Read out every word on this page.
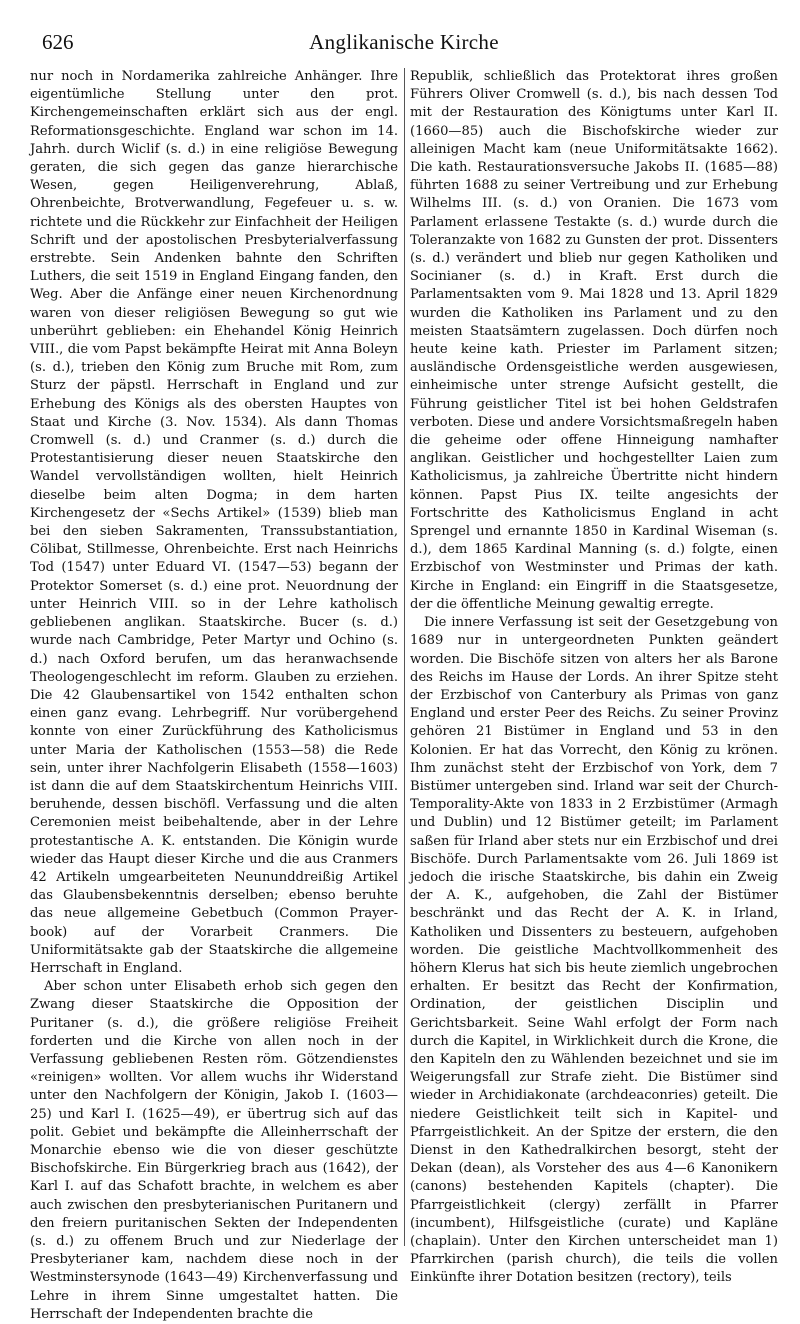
626	Anglikanische Kirche

nur noch in Nordamerika zahlreiche Anhänger. Ihre eigentümliche Stellung unter den prot. Kirchengemeinschaften erklärt sich aus der engl. Reformationsgeschichte. England war schon im 14. Jahrh. durch Wiclif (s. d.) in eine religiöse Bewegung geraten, die sich gegen das ganze hierarchische Wesen, gegen Heiligenverehrung, Ablaß, Ohrenbeichte, Brotverwandlung, Fegefeuer u. s. w. richtete und die Rückkehr zur Einfachheit der Heiligen Schrift und der apostolischen Presbyterialverfassung erstrebte. Sein Andenken bahnte den Schriften Luthers, die seit 1519 in England Eingang fanden, den Weg. Aber die Anfänge einer neuen Kirchenordnung waren von dieser religiösen Bewegung so gut wie unberührt geblieben: ein Ehehandel König Heinrich VIII., die vom Papst bekämpfte Heirat mit Anna Boleyn (s. d.), trieben den König zum Bruche mit Rom, zum Sturz der päpstl. Herrschaft in England und zur Erhebung des Königs als des obersten Hauptes von Staat und Kirche (3. Nov. 1534). Als dann Thomas Cromwell (s. d.) und Cranmer (s. d.) durch die Protestantisierung dieser neuen Staatskirche den Wandel vervollständigen wollten, hielt Heinrich dieselbe beim alten Dogma; in dem harten Kirchengesetz der «Sechs Artikel» (1539) blieb man bei den sieben Sakramenten, Transsubstantiation, Cölibat, Stillmesse, Ohrenbeichte. Erst nach Heinrichs Tod (1547) unter Eduard VI. (1547—53) begann der Protektor Somerset (s. d.) eine prot. Neuordnung der unter Heinrich VIII. so in der Lehre katholisch gebliebenen anglikan. Staatskirche. Bucer (s. d.) wurde nach Cambridge, Peter Martyr und Ochino (s. d.) nach Oxford berufen, um das heranwachsende Theologengeschlecht im reform. Glauben zu erziehen. Die 42 Glaubensartikel von 1542 enthalten schon einen ganz evang. Lehrbegriff. Nur vorübergehend konnte von einer Zurückführung des Katholicismus unter Maria der Katholischen (1553—58) die Rede sein, unter ihrer Nachfolgerin Elisabeth (1558—1603) ist dann die auf dem Staatskirchentum Heinrichs VIII. beruhende, dessen bischöfl. Verfassung und die alten Ceremonien meist beibehaltende, aber in der Lehre protestantische A. K. entstanden. Die Königin wurde wieder das Haupt dieser Kirche und die aus Cranmers 42 Artikeln umgearbeiteten Neununddreißig Artikel das Glaubensbekenntnis derselben; ebenso beruhte das neue allgemeine Gebetbuch (Common Prayer-book) auf der Vorarbeit Cranmers. Die Uniformitätsakte gab der Staatskirche die allgemeine Herrschaft in England.

Aber schon unter Elisabeth erhob sich gegen den Zwang dieser Staatskirche die Opposition der Puritaner (s. d.), die größere religiöse Freiheit forderten und die Kirche von allen noch in der Verfassung gebliebenen Resten röm. Götzendienstes «reinigen» wollten. Vor allem wuchs ihr Widerstand unter den Nachfolgern der Königin, Jakob I. (1603—25) und Karl I. (1625—49), er übertrug sich auf das polit. Gebiet und bekämpfte die Alleinherrschaft der Monarchie ebenso wie die von dieser geschützte Bischofskirche. Ein Bürgerkrieg brach aus (1642), der Karl I. auf das Schafott brachte, in welchem es aber auch zwischen den presbyterianischen Puritanern und den freiern puritanischen Sekten der Independenten (s. d.) zu offenem Bruch und zur Niederlage der Presbyterianer kam, nachdem diese noch in der Westminstersynode (1643—49) Kirchenverfassung und Lehre in ihrem Sinne umgestaltet hatten. Die Herrschaft der Independenten brachte die

Republik, schließlich das Protektorat ihres großen Führers Oliver Cromwell (s. d.), bis nach dessen Tod mit der Restauration des Königtums unter Karl II. (1660—85) auch die Bischofskirche wieder zur alleinigen Macht kam (neue Uniformitätsakte 1662). Die kath. Restaurationsversuche Jakobs II. (1685—88) führten 1688 zu seiner Vertreibung und zur Erhebung Wilhelms III. (s. d.) von Oranien. Die 1673 vom Parlament erlassene Testakte (s. d.) wurde durch die Toleranzakte von 1682 zu Gunsten der prot. Dissenters (s. d.) verändert und blieb nur gegen Katholiken und Socinianer (s. d.) in Kraft. Erst durch die Parlamentsakten vom 9. Mai 1828 und 13. April 1829 wurden die Katholiken ins Parlament und zu den meisten Staatsämtern zugelassen. Doch dürfen noch heute keine kath. Priester im Parlament sitzen; ausländische Ordensgeistliche werden ausgewiesen, einheimische unter strenge Aufsicht gestellt, die Führung geistlicher Titel ist bei hohen Geldstrafen verboten. Diese und andere Vorsichtsmaßregeln haben die geheime oder offene Hinneigung namhafter anglikan. Geistlicher und hochgestellter Laien zum Katholicismus, ja zahlreiche Übertritte nicht hindern können. Papst Pius IX. teilte angesichts der Fortschritte des Katholicismus England in acht Sprengel und ernannte 1850 in Kardinal Wiseman (s. d.), dem 1865 Kardinal Manning (s. d.) folgte, einen Erzbischof von Westminster und Primas der kath. Kirche in England: ein Eingriff in die Staatsgesetze, der die öffentliche Meinung gewaltig erregte.

Die innere Verfassung ist seit der Gesetzgebung von 1689 nur in untergeordneten Punkten geändert worden. Die Bischöfe sitzen von alters her als Barone des Reichs im Hause der Lords. An ihrer Spitze steht der Erzbischof von Canterbury als Primas von ganz England und erster Peer des Reichs. Zu seiner Provinz gehören 21 Bistümer in England und 53 in den Kolonien. Er hat das Vorrecht, den König zu krönen. Ihm zunächst steht der Erzbischof von York, dem 7 Bistümer untergeben sind. Irland war seit der Church-Temporality-Akte von 1833 in 2 Erzbistümer (Armagh und Dublin) und 12 Bistümer geteilt; im Parlament saßen für Irland aber stets nur ein Erzbischof und drei Bischöfe. Durch Parlamentsakte vom 26. Juli 1869 ist jedoch die irische Staatskirche, bis dahin ein Zweig der A. K., aufgehoben, die Zahl der Bistümer beschränkt und das Recht der A. K. in Irland, Katholiken und Dissenters zu besteuern, aufgehoben worden. Die geistliche Machtvollkommenheit des höhern Klerus hat sich bis heute ziemlich ungebrochen erhalten. Er besitzt das Recht der Konfirmation, Ordination, der geistlichen Disciplin und Gerichtsbarkeit. Seine Wahl erfolgt der Form nach durch die Kapitel, in Wirklichkeit durch die Krone, die den Kapiteln den zu Wählenden bezeichnet und sie im Weigerungsfall zur Strafe zieht. Die Bistümer sind wieder in Archidiakonate (archdeaconries) geteilt. Die niedere Geistlichkeit teilt sich in Kapitel- und Pfarrgeistlichkeit. An der Spitze der erstern, die den Dienst in den Kathedralkirchen besorgt, steht der Dekan (dean), als Vorsteher des aus 4—6 Kanonikern (canons) bestehenden Kapitels (chapter). Die Pfarrgeistlichkeit (clergy) zerfällt in Pfarrer (incumbent), Hilfsgeistliche (curate) und Kapläne (chaplain). Unter den Kirchen unterscheidet man 1) Pfarrkirchen (parish church), die teils die vollen Einkünfte ihrer Dotation besitzen (rectory), teils
